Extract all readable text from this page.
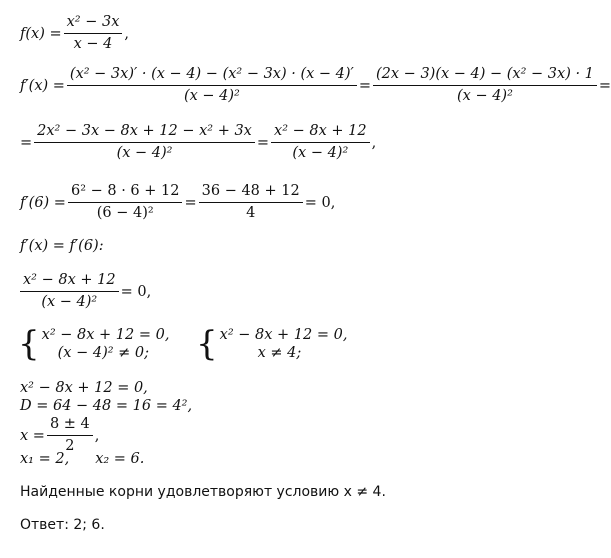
$f(x) = \frac{\text{x² − 3x}}{x - 4}$ ,
$f'(x) = \frac{\text{(x² − 3x)′ · (x − 4) − (x² − 3x) · (x − 4)′}}{\text{(x − 4)²}} = \frac{\text{(2x − 3)(x − 4) − (x² − 3x) · 1}}{\text{(x − 4)²}}$ =
= $\frac{\text{2x² − 3x − 8x + 12 − x² + 3x}}{\text{(x − 4)²}} = \frac{\text{x² − 8x + 12}}{\text{(x − 4)²}}$ ,
$f'(6) = \frac{\text{6² − 8 · 6 + 12}}{\text{(6 − 4)²}} = \frac{36 - 48 + 12}{4} = 0$,
f′(x) = f′(6):
$\frac{\text{x² − 8x + 12}}{\text{(x − 4)²}} = 0$,
{ x² − 8x + 12 = 0,
(x − 4)² ≠ 0;	{ x² − 8x + 12 = 0,
x ≠ 4;
x² − 8x + 12 = 0,
D = 64 − 48 = 16 = 4²,
$x = \frac{8 \pm 4}{2}$ ,
x₁ = 2, x₂ = 6.
Найденные корни удовлетворяют условию x ≠ 4.
Ответ: 2; 6.
